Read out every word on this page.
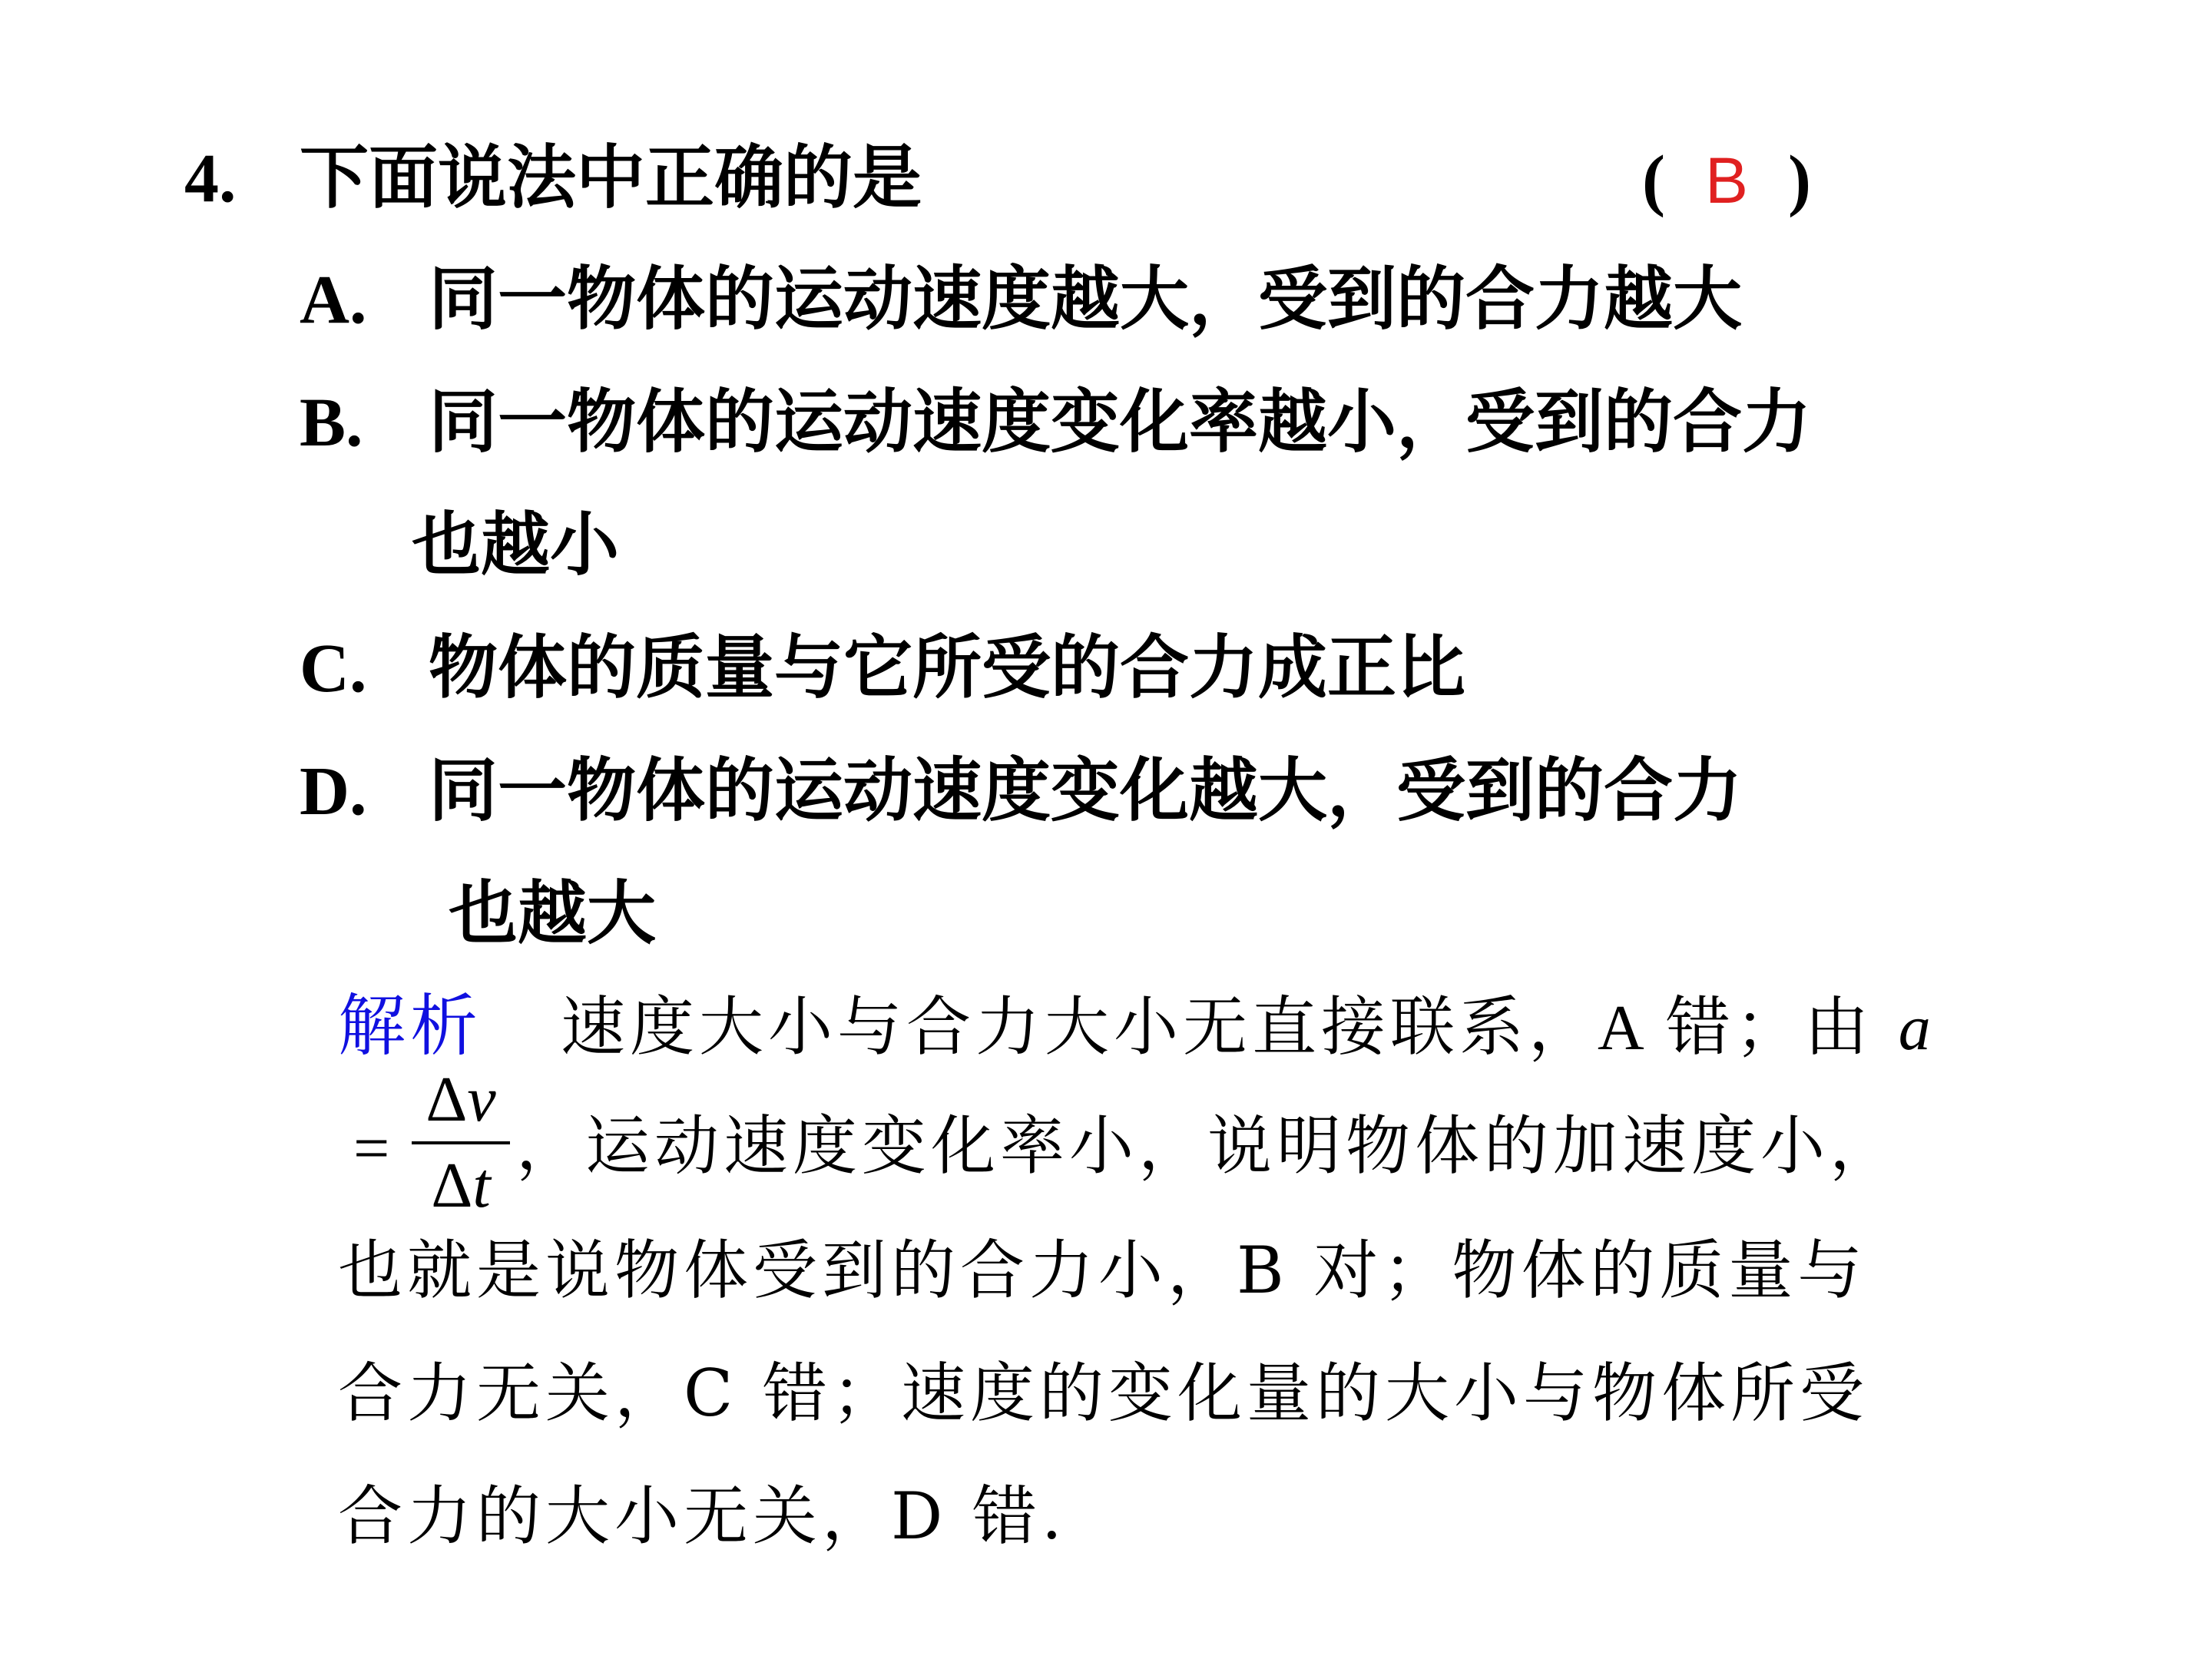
4. 下面说法中正确的是	( B )
A. 同一物体的运动速度越大，受到的合力越大
B. 同一物体的运动速度变化率越小，受到的合力
也越小
C. 物体的质量与它所受的合力成正比
D. 同一物体的运动速度变化越大，受到的合力
也越大
解析 速度大小与合力大小无直接联系，A 错；由 a
=
Δv
Δt
，运动速度变化率小，说明物体的加速度小，
也就是说物体受到的合力小，B 对；物体的质量与
合力无关，C 错；速度的变化量的大小与物体所受
合力的大小无关，D 错.
